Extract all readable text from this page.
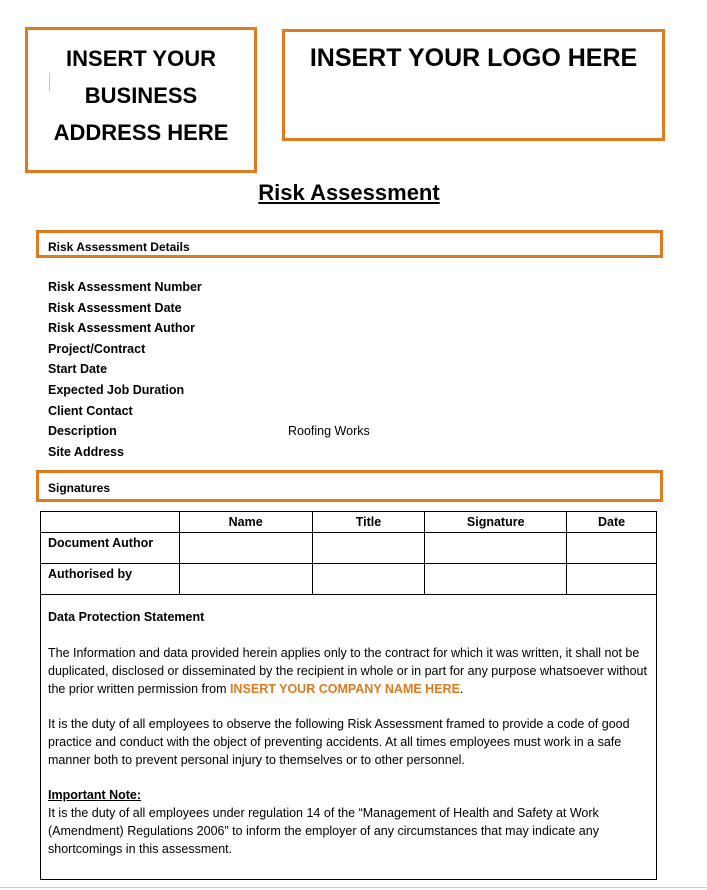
INSERT YOUR
BUSINESS
ADDRESS HERE
INSERT YOUR LOGO HERE
Risk Assessment
Risk Assessment Details
Risk Assessment Number
Risk Assessment Date
Risk Assessment Author
Project/Contract
Start Date
Expected Job Duration
Client Contact
Description	Roofing Works
Site Address
Signatures
	Name	Title	Signature	Date
Document Author				
Authorised by				

Data Protection Statement

The Information and data provided herein applies only to the contract for which it was written, it shall not be duplicated, disclosed or disseminated by the recipient in whole or in part for any purpose whatsoever without the prior written permission from INSERT YOUR COMPANY NAME HERE.

It is the duty of all employees to observe the following Risk Assessment framed to provide a code of good practice and conduct with the object of preventing accidents. At all times employees must work in a safe manner both to prevent personal injury to themselves or to other personnel.

Important Note:

It is the duty of all employees under regulation 14 of the “Management of Health and Safety at Work (Amendment) Regulations 2006” to inform the employer of any circumstances that may indicate any shortcomings in this assessment.
